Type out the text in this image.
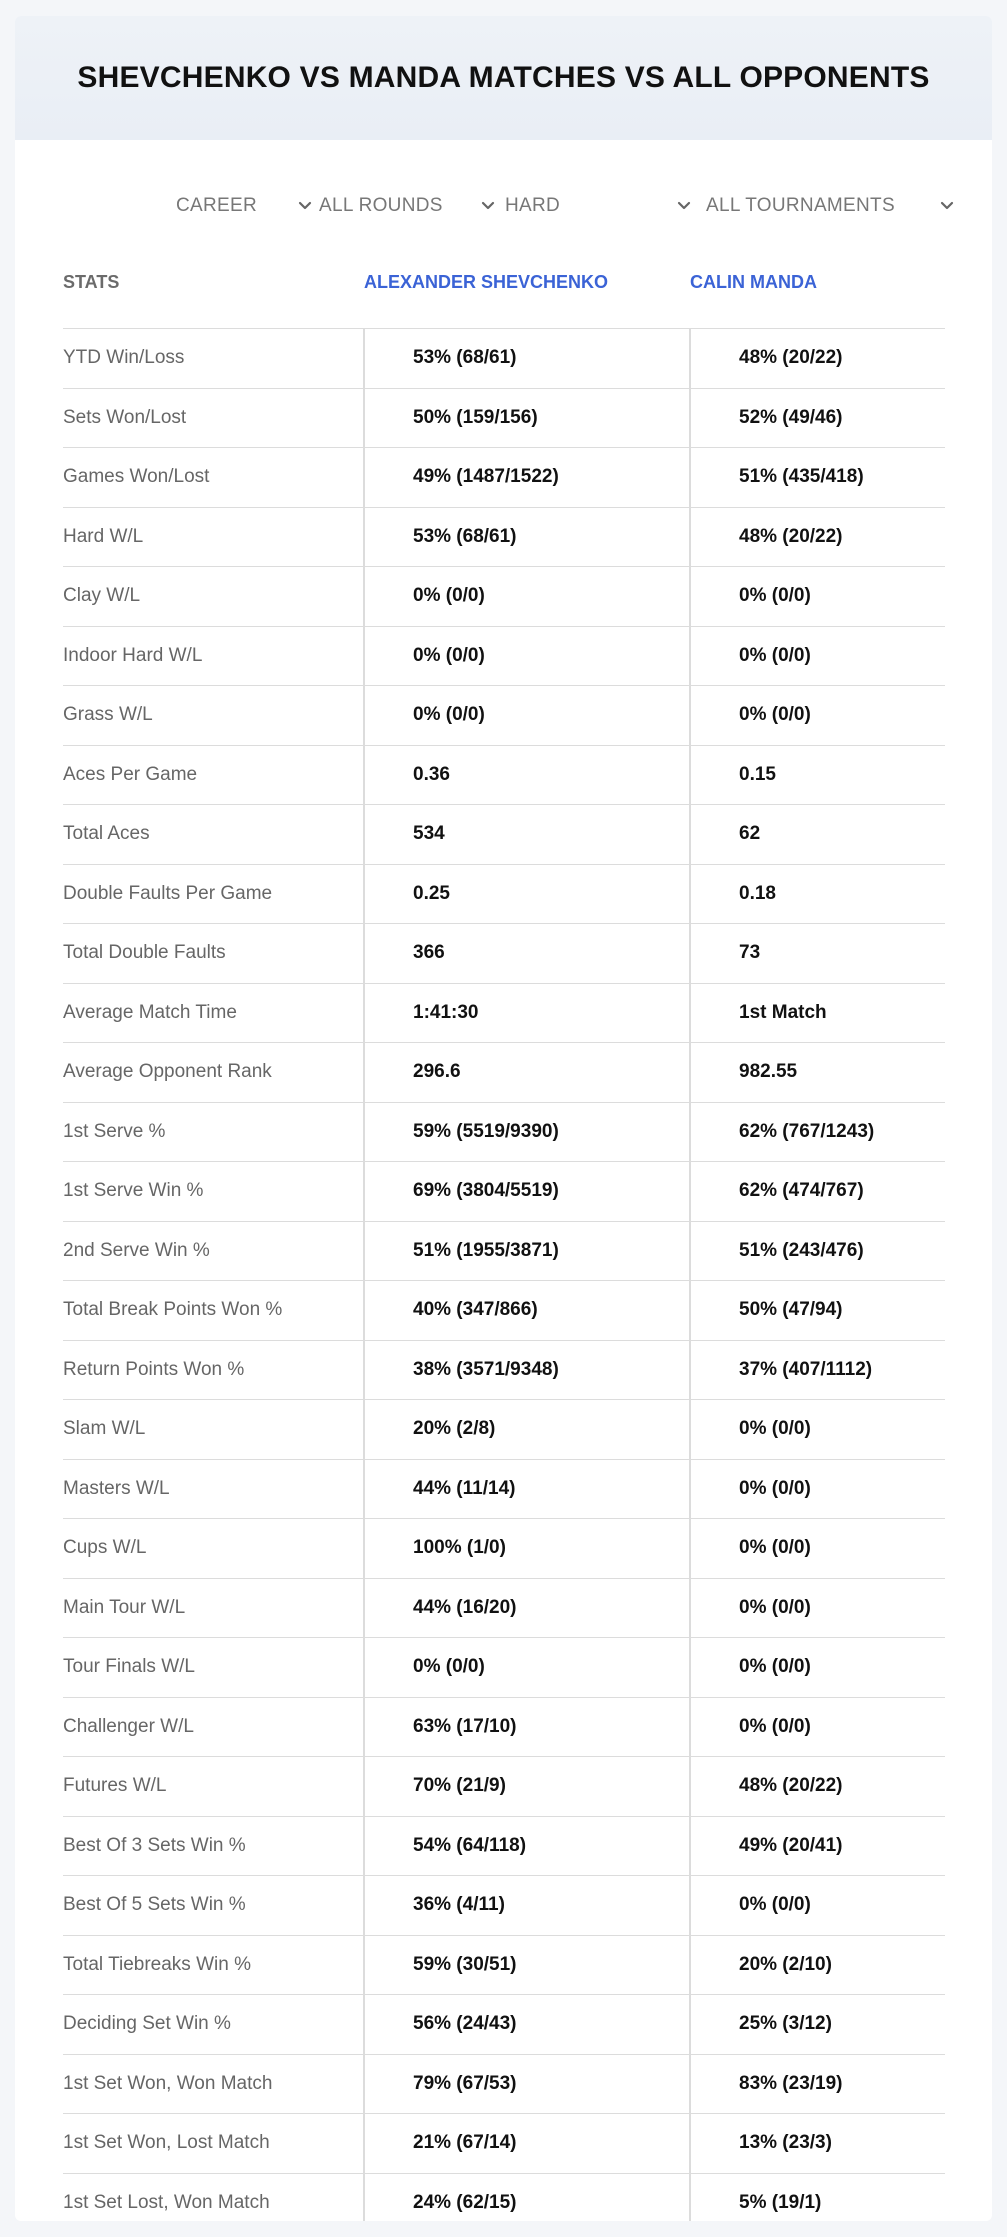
SHEVCHENKO VS MANDA MATCHES VS ALL OPPONENTS
CAREER	ALL ROUNDS	HARD	ALL TOURNAMENTS
STATS	ALEXANDER SHEVCHENKO	CALIN MANDA
YTD Win/Loss	53% (68/61)	48% (20/22)
Sets Won/Lost	50% (159/156)	52% (49/46)
Games Won/Lost	49% (1487/1522)	51% (435/418)
Hard W/L	53% (68/61)	48% (20/22)
Clay W/L	0% (0/0)	0% (0/0)
Indoor Hard W/L	0% (0/0)	0% (0/0)
Grass W/L	0% (0/0)	0% (0/0)
Aces Per Game	0.36	0.15
Total Aces	534	62
Double Faults Per Game	0.25	0.18
Total Double Faults	366	73
Average Match Time	1:41:30	1st Match
Average Opponent Rank	296.6	982.55
1st Serve %	59% (5519/9390)	62% (767/1243)
1st Serve Win %	69% (3804/5519)	62% (474/767)
2nd Serve Win %	51% (1955/3871)	51% (243/476)
Total Break Points Won %	40% (347/866)	50% (47/94)
Return Points Won %	38% (3571/9348)	37% (407/1112)
Slam W/L	20% (2/8)	0% (0/0)
Masters W/L	44% (11/14)	0% (0/0)
Cups W/L	100% (1/0)	0% (0/0)
Main Tour W/L	44% (16/20)	0% (0/0)
Tour Finals W/L	0% (0/0)	0% (0/0)
Challenger W/L	63% (17/10)	0% (0/0)
Futures W/L	70% (21/9)	48% (20/22)
Best Of 3 Sets Win %	54% (64/118)	49% (20/41)
Best Of 5 Sets Win %	36% (4/11)	0% (0/0)
Total Tiebreaks Win %	59% (30/51)	20% (2/10)
Deciding Set Win %	56% (24/43)	25% (3/12)
1st Set Won, Won Match	79% (67/53)	83% (23/19)
1st Set Won, Lost Match	21% (67/14)	13% (23/3)
1st Set Lost, Won Match	24% (62/15)	5% (19/1)
